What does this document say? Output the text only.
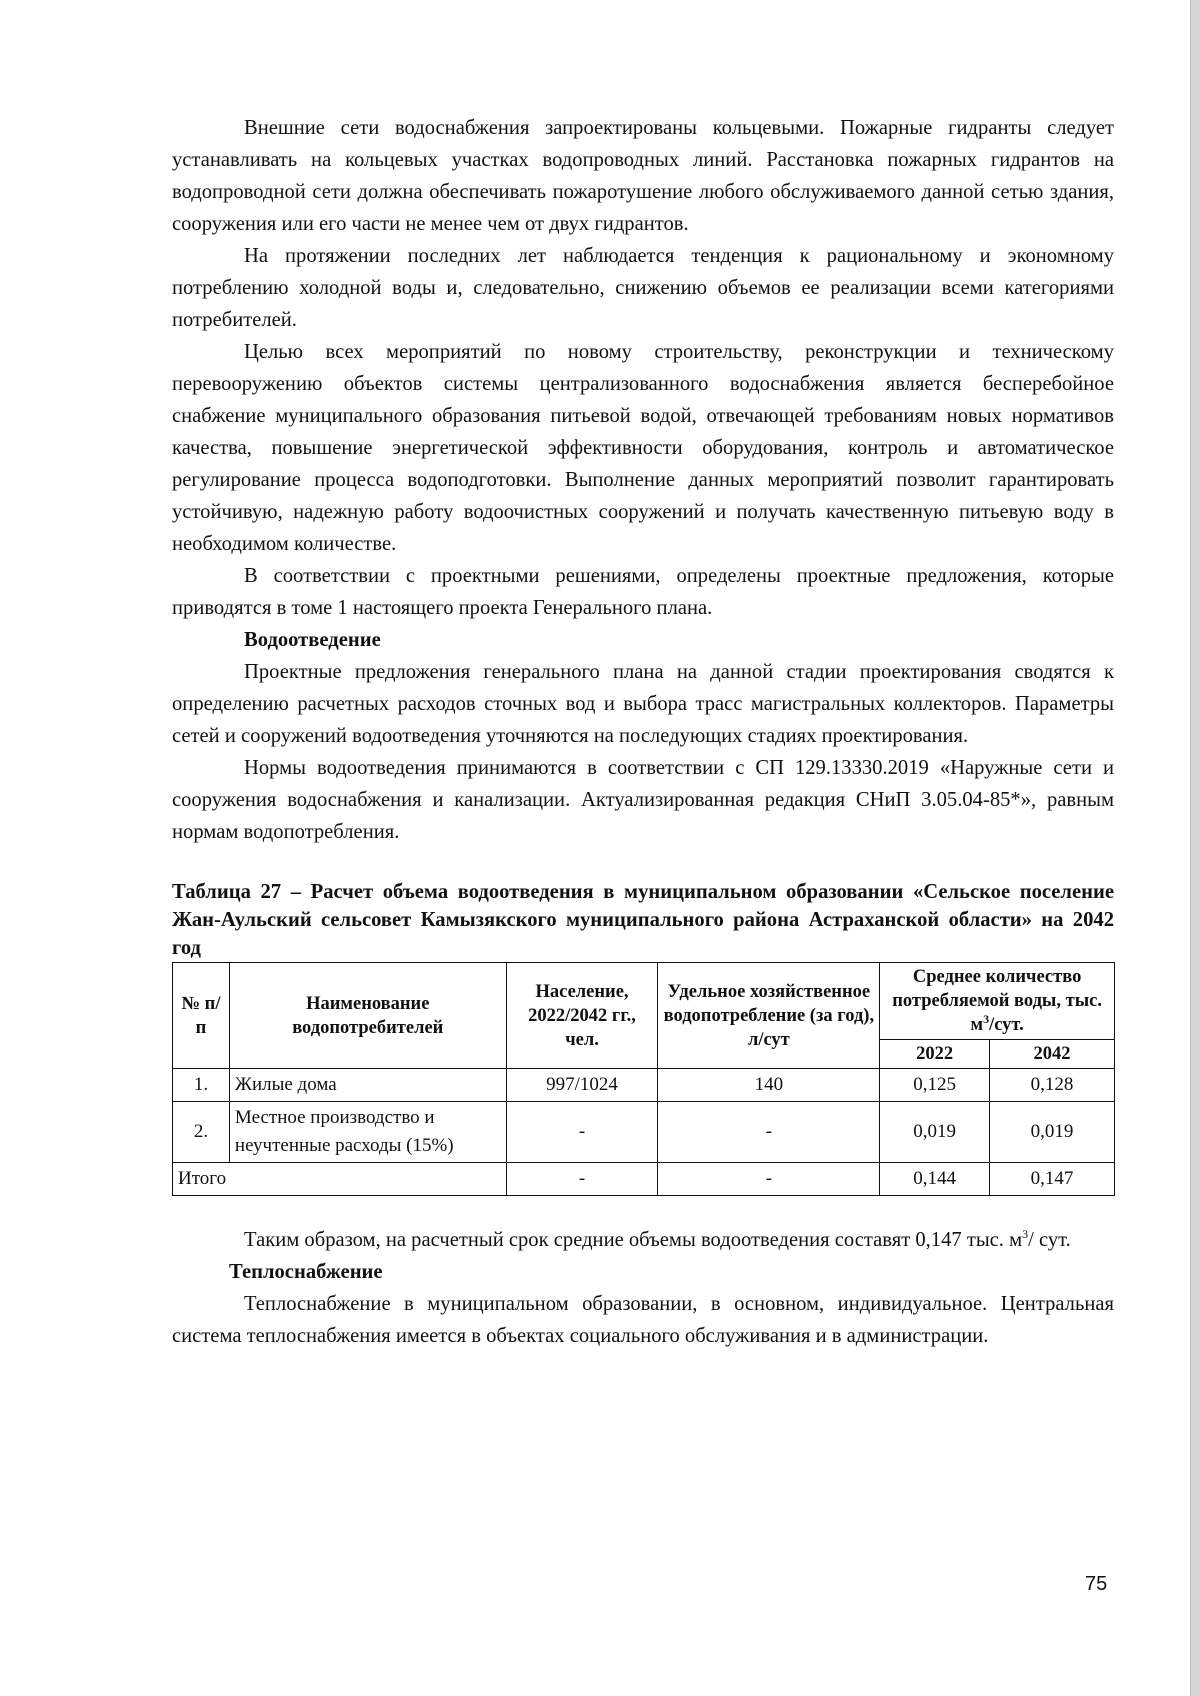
Внешние сети водоснабжения запроектированы кольцевыми. Пожарные гидранты следует устанавливать на кольцевых участках водопроводных линий. Расстановка пожарных гидрантов на водопроводной сети должна обеспечивать пожаротушение любого обслуживаемого данной сетью здания, сооружения или его части не менее чем от двух гидрантов.

На протяжении последних лет наблюдается тенденция к рациональному и экономному потреблению холодной воды и, следовательно, снижению объемов ее реализации всеми категориями потребителей.

Целью всех мероприятий по новому строительству, реконструкции и техническому перевооружению объектов системы централизованного водоснабжения является бесперебойное снабжение муниципального образования питьевой водой, отвечающей требованиям новых нормативов качества, повышение энергетической эффективности оборудования, контроль и автоматическое регулирование процесса водоподготовки. Выполнение данных мероприятий позволит гарантировать устойчивую, надежную работу водоочистных сооружений и получать качественную питьевую воду в необходимом количестве.

В соответствии с проектными решениями, определены проектные предложения, которые приводятся в томе 1 настоящего проекта Генерального плана.

Водоотведение

Проектные предложения генерального плана на данной стадии проектирования сводятся к определению расчетных расходов сточных вод и выбора трасс магистральных коллекторов. Параметры сетей и сооружений водоотведения уточняются на последующих стадиях проектирования.

Нормы водоотведения принимаются в соответствии с СП 129.13330.2019 «Наружные сети и сооружения водоснабжения и канализации. Актуализированная редакция СНиП 3.05.04-85*», равным нормам водопотребления.

Таблица 27 – Расчет объема водоотведения в муниципальном образовании «Сельское поселение Жан-Аульский сельсовет Камызякского муниципального района Астраханской области» на 2042 год

№ п/п	Наименование водопотребителей	Население, 2022/2042 гг., чел.	Удельное хозяйственное водопотребление (за год), л/сут	Среднее количество потребляемой воды, тыс. $м^3$/сут.	
				2022	2042
1.	Жилые дома	997/1024	140	0,125	0,128
2.	Местное производство и неучтенные расходы (15%)	-	-	0,019	0,019
Итого		-	-	0,144	0,147

Таким образом, на расчетный срок средние объемы водоотведения составят 0,147 тыс. $м^3/$ сут.

Теплоснабжение

Теплоснабжение в муниципальном образовании, в основном, индивидуальное. Центральная система теплоснабжения имеется в объектах социального обслуживания и в администрации.

75
